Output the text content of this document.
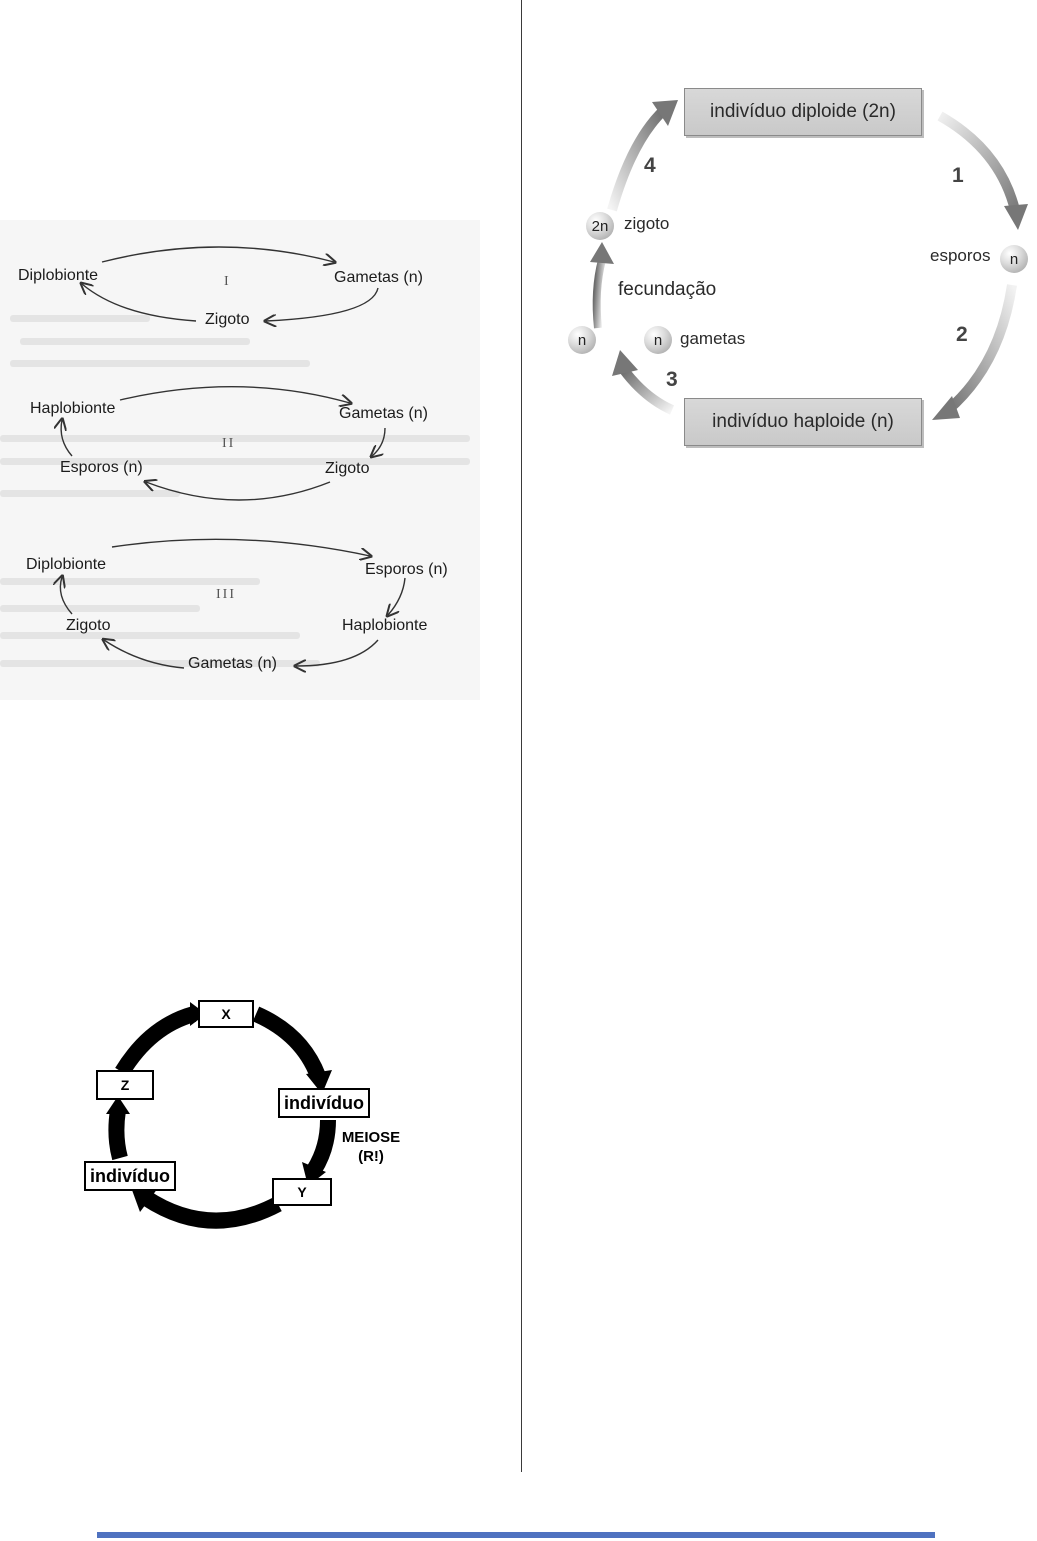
Diplobionte	I	Gametas (n)
Zigoto
Haplobionte	Gametas (n)
II
Esporos (n)	Zigoto
Diplobionte	Esporos (n)
III
Zigoto	Haplobionte
Gametas (n)
indivíduo diploide (2n)
indivíduo haploide (n)
4	1
2
3
2n zigoto
esporos n
fecundação
n	n gametas
X
Z
indivíduo
MEIOSE
(R!)
indivíduo
Y
